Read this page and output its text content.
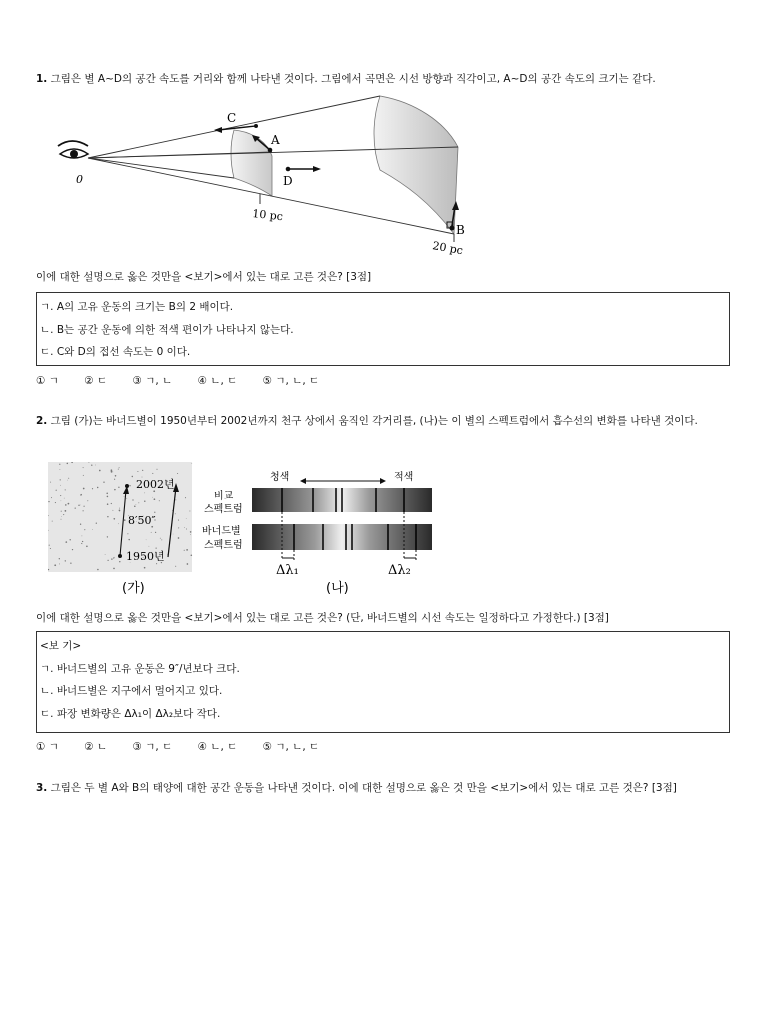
1. 그림은 별 A~D의 공간 속도를 거리와 함께 나타낸 것이다. 그림에서 곡면은 시선 방향과 직각이고, A~D의 공간 속도의 크기는 같다.
C
A
D
B
0
10 pc
20 pc
이에 대한 설명으로 옳은 것만을 <보기>에서 있는 대로 고른 것은? [3점]
ㄱ. A의 고유 운동의 크기는 B의 2 배이다.
ㄴ. B는 공간 운동에 의한 적색 편이가 나타나지 않는다.
ㄷ. C와 D의 접선 속도는 0 이다.
① ㄱ ② ㄷ ③ ㄱ, ㄴ ④ ㄴ, ㄷ ⑤ ㄱ, ㄴ, ㄷ
2. 그림 (가)는 바너드별이 1950년부터 2002년까지 천구 상에서 움직인 각거리를, (나)는 이 별의 스펙트럼에서 흡수선의 변화를 나타낸 것이다.
2002년
8′50″
1950년
(가)
청색	적색
비교
스펙트럼
바너드별
스펙트럼
Δλ₁	Δλ₂
(나)
이에 대한 설명으로 옳은 것만을 <보기>에서 있는 대로 고른 것은? (단, 바너드별의 시선 속도는 일정하다고 가정한다.) [3점]
<보 기>
ㄱ. 바너드별의 고유 운동은 9″/년보다 크다.
ㄴ. 바너드별은 지구에서 멀어지고 있다.
ㄷ. 파장 변화량은 Δλ₁이 Δλ₂보다 작다.
① ㄱ ② ㄴ ③ ㄱ, ㄷ ④ ㄴ, ㄷ ⑤ ㄱ, ㄴ, ㄷ
3. 그림은 두 별 A와 B의 태양에 대한 공간 운동을 나타낸 것이다. 이에 대한 설명으로 옳은 것 만을 <보기>에서 있는 대로 고른 것은? [3점]
